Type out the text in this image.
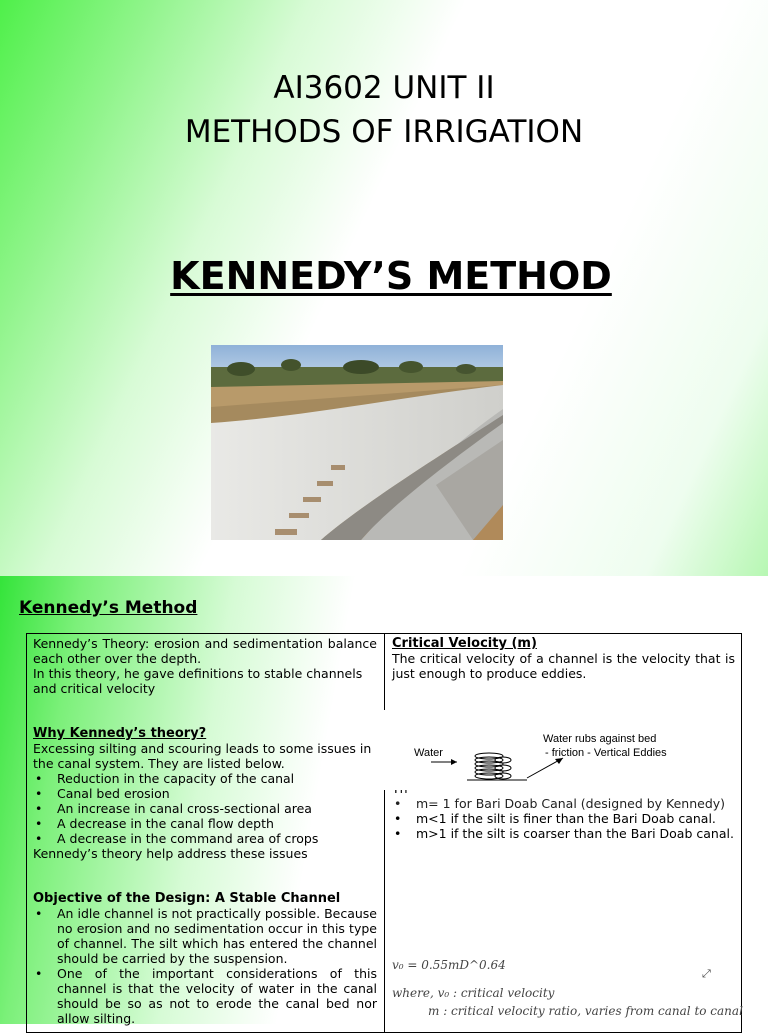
AI3602 UNIT II
METHODS OF IRRIGATION
KENNEDY’S METHOD
Kennedy’s Method

Kennedy’s Theory: erosion and sedimentation balance each other over the depth.

In this theory, he gave definitions to stable channels and critical velocity

Why Kennedy’s theory?

Excessing silting and scouring leads to some issues in the canal system. They are listed below.

• Reduction in the capacity of the canal
• Canal bed erosion
• An increase in canal cross-sectional area
• A decrease in the canal flow depth
• A decrease in the command area of crops

Kennedy’s theory help address these issues

Objective of the Design: A Stable Channel

• An idle channel is not practically possible. Because no erosion and no sedimentation occur in this type of channel. The silt which has entered the channel should be carried by the suspension.
• One of the important considerations of this channel is that the velocity of water in the canal should be so as not to erode the canal bed nor allow silting.

Critical Velocity (m)

The critical velocity of a channel is the velocity that is just enough to produce eddies.

• m= 1 for Bari Doab Canal (designed by Kennedy)
• m<1 if the silt is finer than the Bari Doab canal.
• m>1 if the silt is coarser than the Bari Doab canal.
Water
Water rubs against bed
- friction - Vertical Eddies
v₀ = 0.55mD^0.64
where, v₀ : critical velocity
m : critical velocity ratio, varies from canal to canal
⤢
